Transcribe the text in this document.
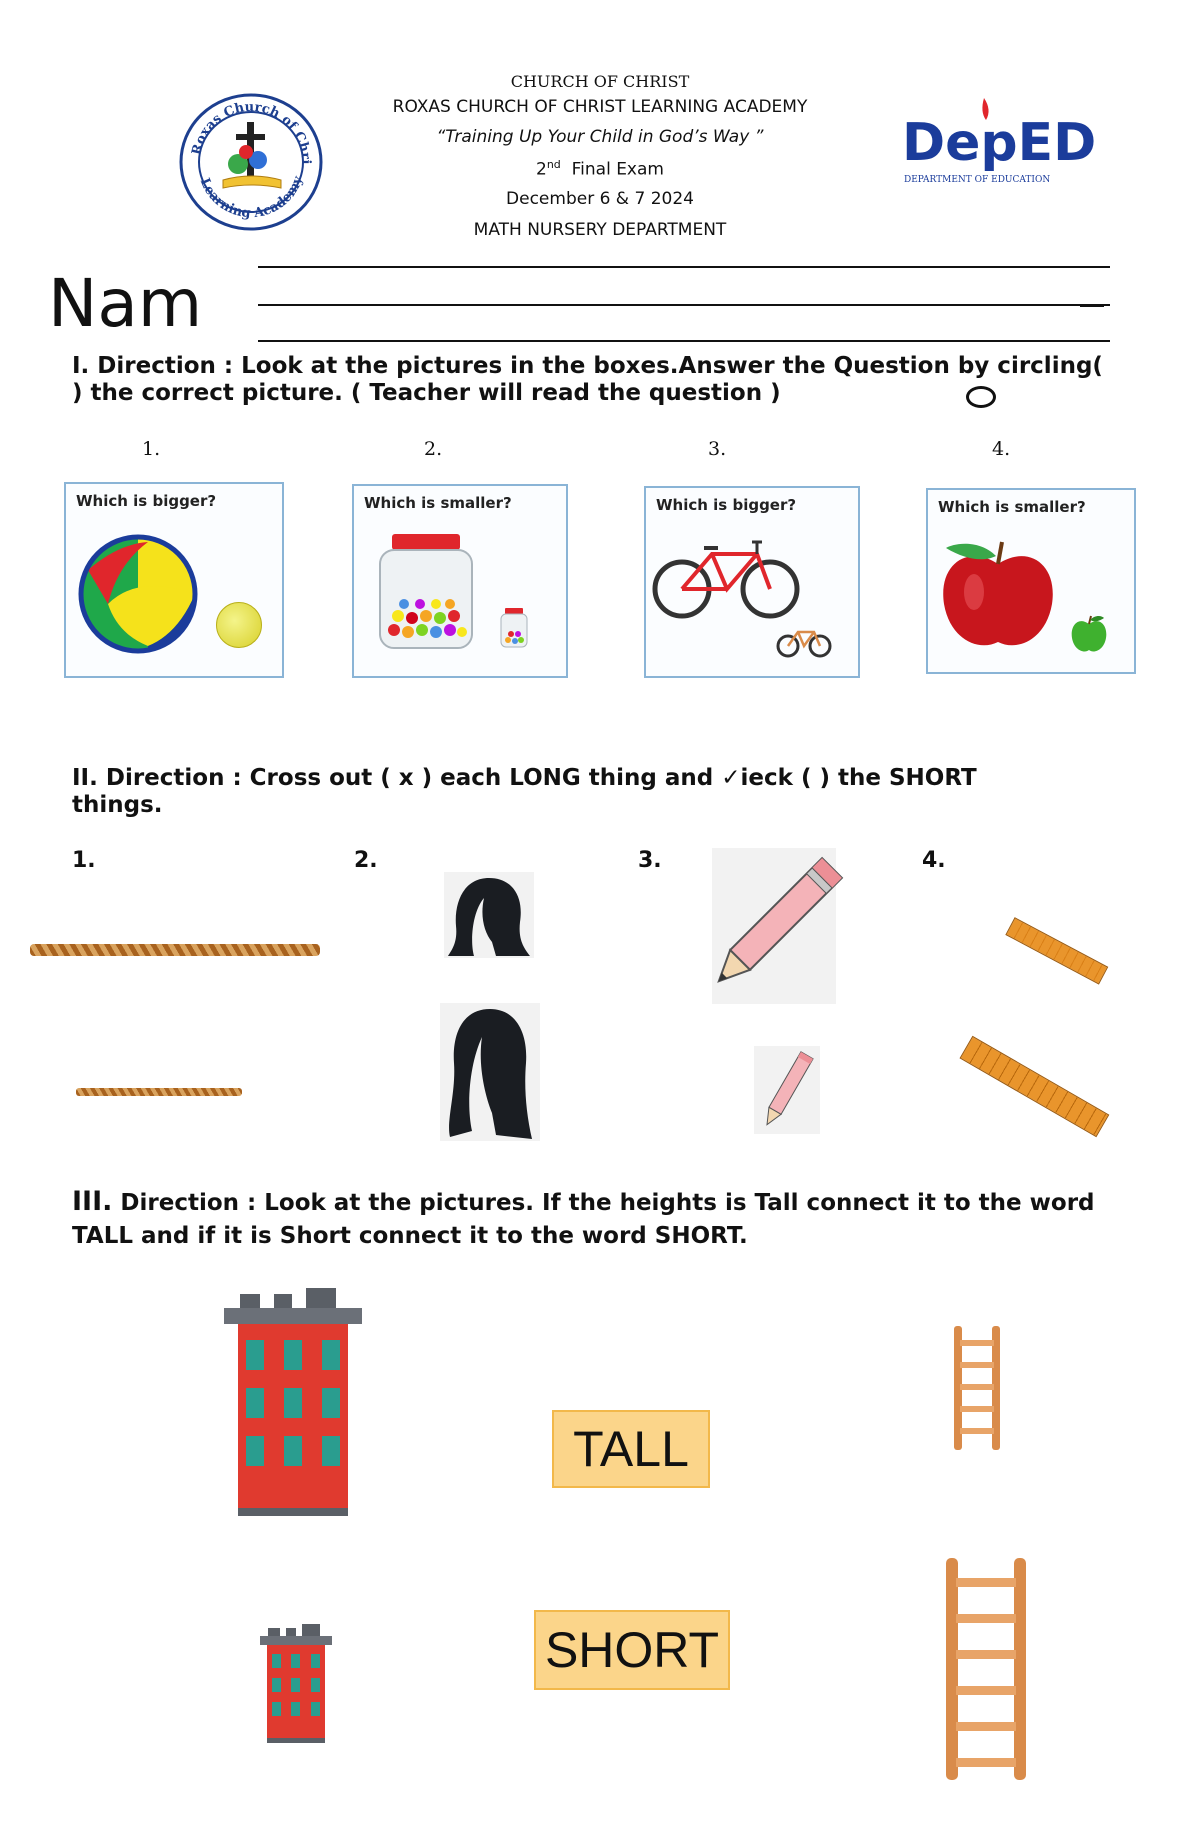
Roxas Church of Chri
Learning Academy
CHURCH OF CHRIST
ROXAS CHURCH OF CHRIST LEARNING ACADEMY
“Training Up Your Child in God’s Way ”
2nd Final Exam
December 6 & 7 2024
MATH NURSERY DEPARTMENT
DepED
DEPARTMENT OF EDUCATION
Nam
I. Direction : Look at the pictures in the boxes.Answer the Question by circling(
) the correct picture. ( Teacher will read the question )
1.	2.	3.	4.
Which is bigger?	Which is smaller?	Which is bigger?	Which is smaller?
II. Direction : Cross out ( x ) each LONG thing and ✓ieck ( ) the SHORT
things.
1.	2.	3.	4.
III. Direction : Look at the pictures. If the heights is Tall connect it to the word
TALL and if it is Short connect it to the word SHORT.
TALL
SHORT
